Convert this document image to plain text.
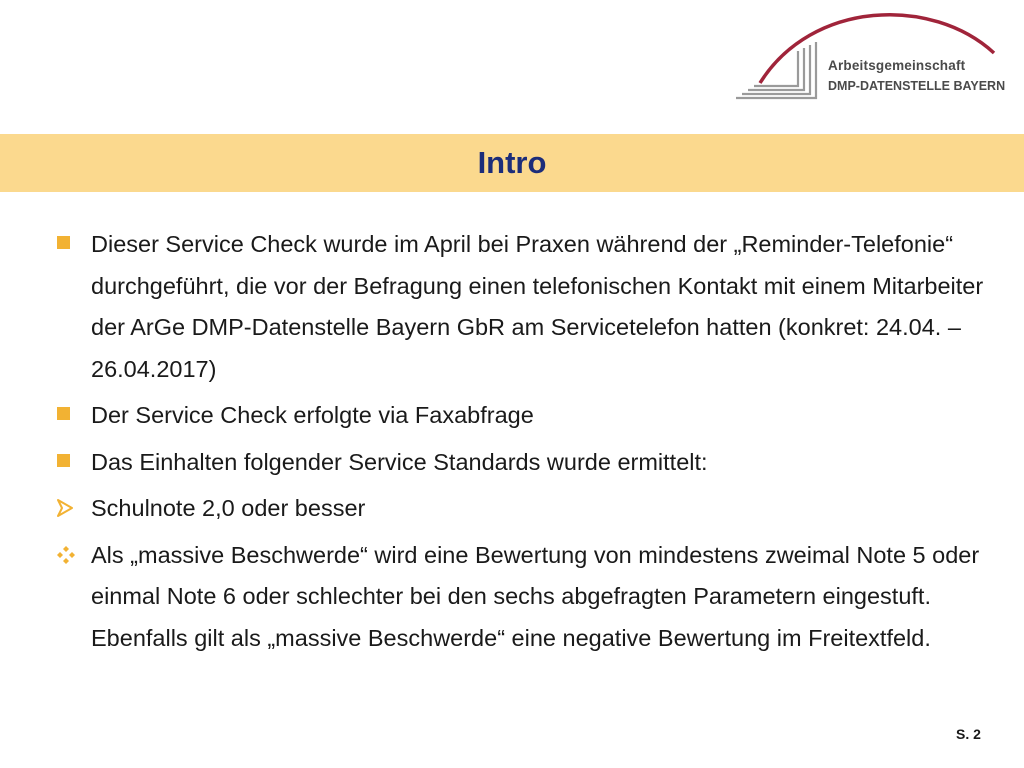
Arbeitsgemeinschaft
DMP-DATENSTELLE BAYERN
Intro
Dieser Service Check wurde im April bei Praxen während der „Reminder-Telefonie“ durchgeführt, die vor der Befragung einen telefonischen Kontakt mit einem Mitarbeiter der ArGe DMP-Datenstelle Bayern GbR am Servicetelefon hatten (konkret: 24.04. – 26.04.2017)
Der Service Check erfolgte via Faxabfrage
Das Einhalten folgender Service Standards wurde ermittelt:
Schulnote 2,0 oder besser
Als „massive Beschwerde“ wird eine Bewertung von mindestens zweimal Note 5 oder einmal Note 6 oder schlechter bei den sechs abgefragten Parametern eingestuft. Ebenfalls gilt als „massive Beschwerde“ eine negative Bewertung im Freitextfeld.
S. 2
